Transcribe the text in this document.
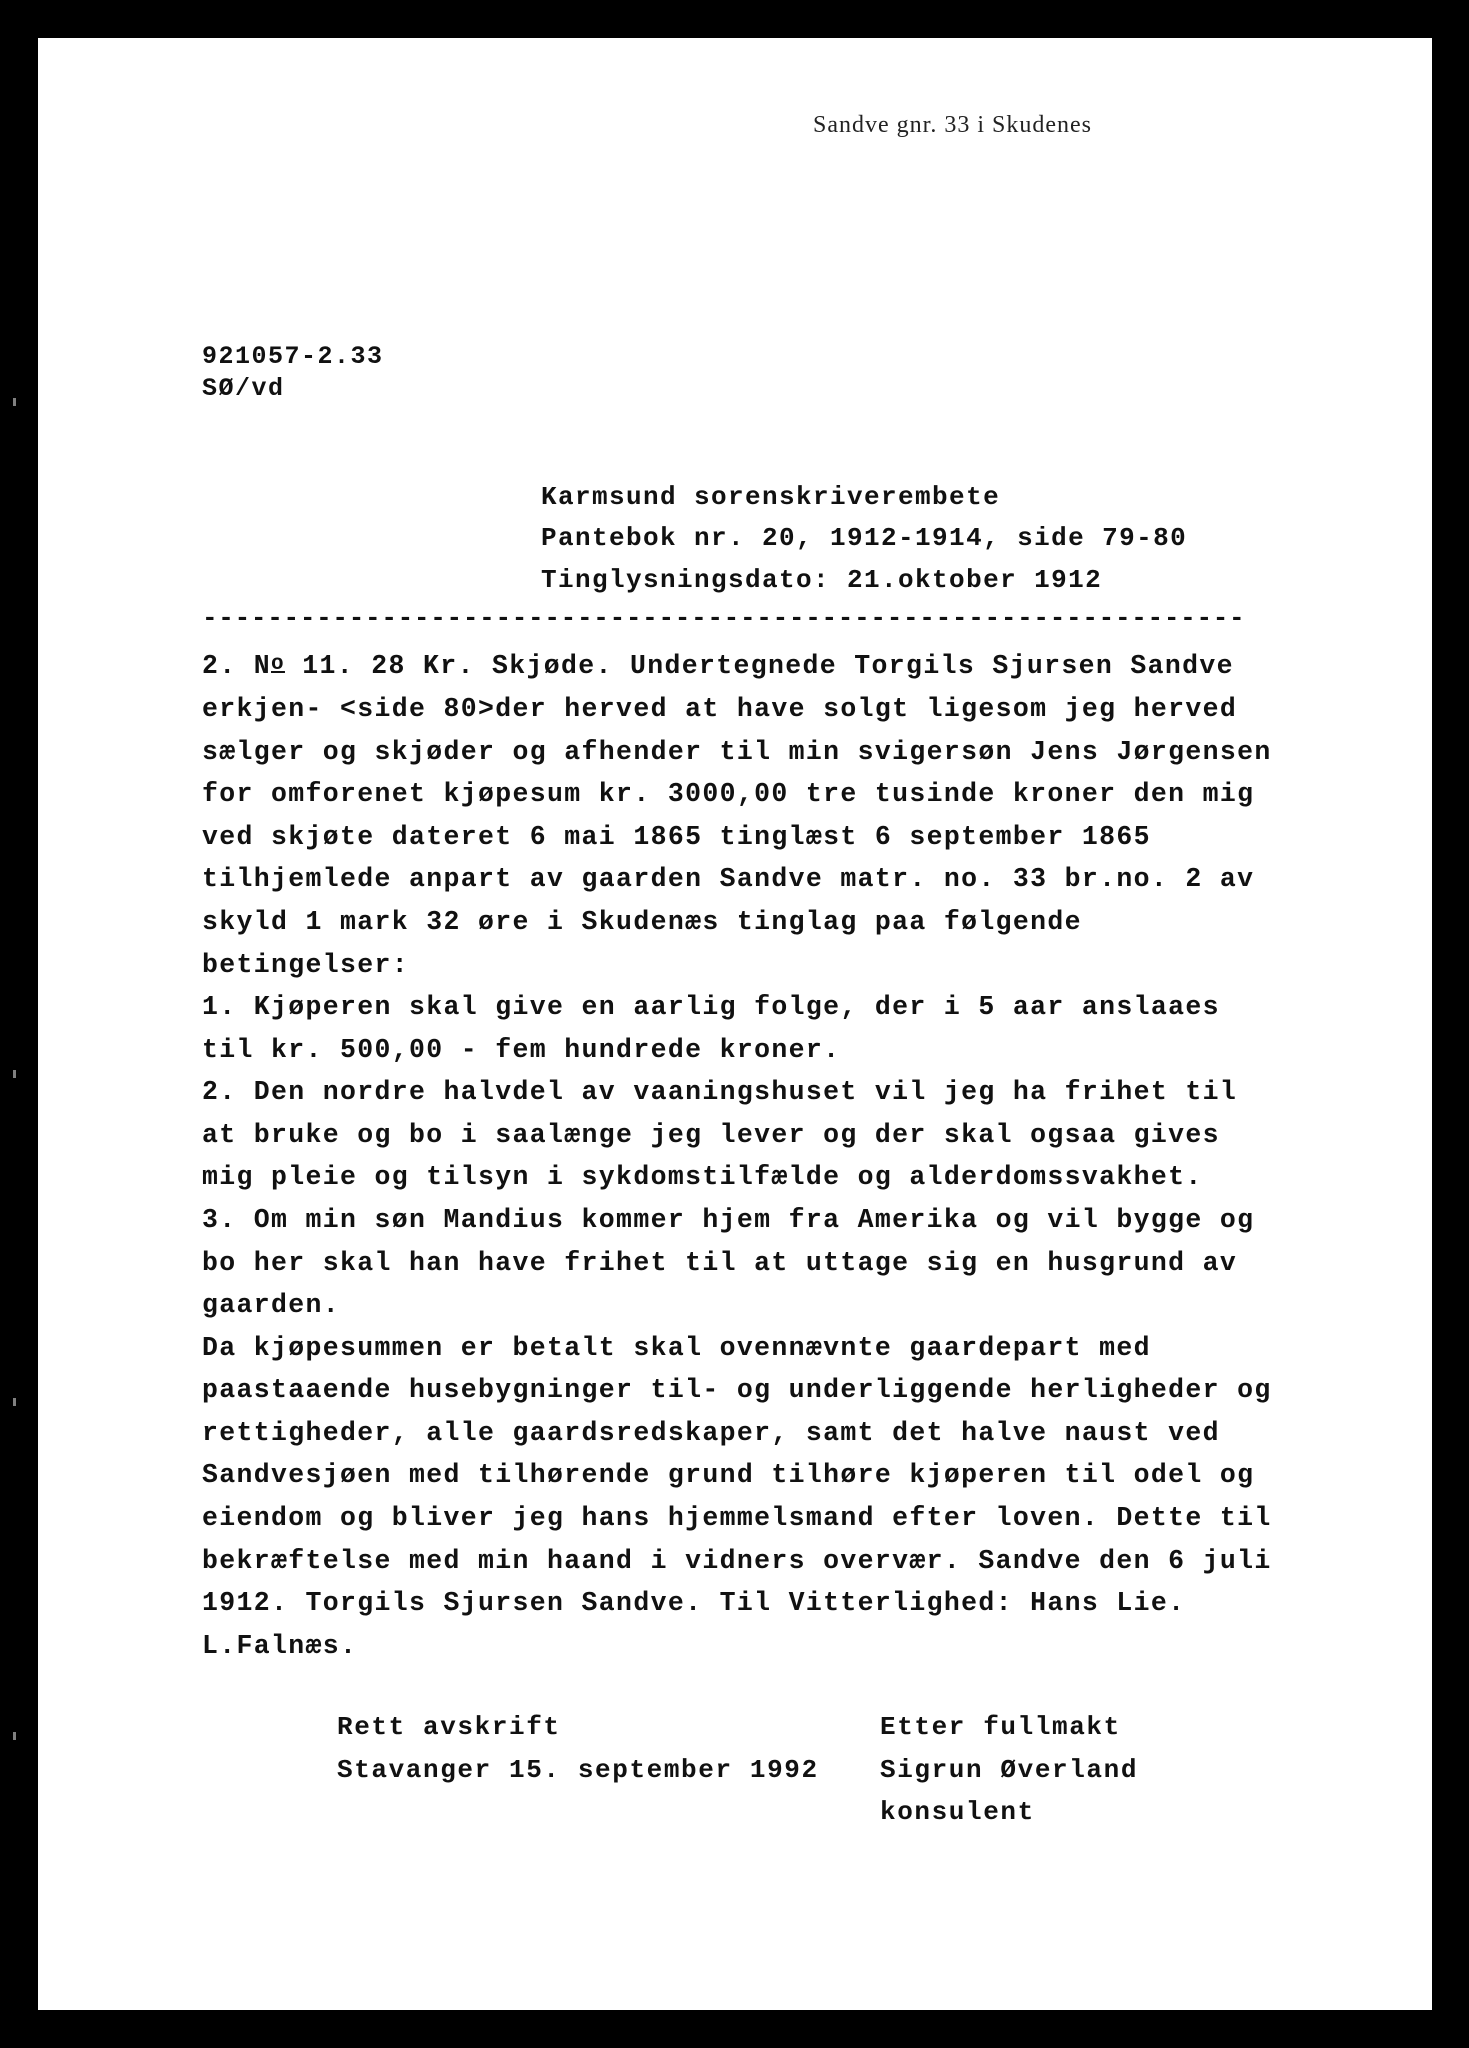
Sandve gnr. 33 i Skudenes
921057-2.33
SØ/vd
Karmsund sorenskriverembete
Pantebok nr. 20, 1912-1914, side 79-80
Tinglysningsdato: 21.oktober 1912
----------------------------------------------------------------
2. No 11. 28 Kr. Skjøde. Undertegnede Torgils Sjursen Sandve
erkjen- <side 80>der herved at have solgt ligesom jeg herved
sælger og skjøder og afhender til min svigersøn Jens Jørgensen
for omforenet kjøpesum kr. 3000,00 tre tusinde kroner den mig
ved skjøte dateret 6 mai 1865 tinglæst 6 september 1865
tilhjemlede anpart av gaarden Sandve matr. no. 33 br.no. 2 av
skyld 1 mark 32 øre i Skudenæs tinglag paa følgende
betingelser:
1. Kjøperen skal give en aarlig folge, der i 5 aar anslaaes
til kr. 500,00 - fem hundrede kroner.
2. Den nordre halvdel av vaaningshuset vil jeg ha frihet til
at bruke og bo i saalænge jeg lever og der skal ogsaa gives
mig pleie og tilsyn i sykdomstilfælde og alderdomssvakhet.
3. Om min søn Mandius kommer hjem fra Amerika og vil bygge og
bo her skal han have frihet til at uttage sig en husgrund av
gaarden.
Da kjøpesummen er betalt skal ovennævnte gaardepart med
paastaaende husebygninger til- og underliggende herligheder og
rettigheder, alle gaardsredskaper, samt det halve naust ved
Sandvesjøen med tilhørende grund tilhøre kjøperen til odel og
eiendom og bliver jeg hans hjemmelsmand efter loven. Dette til
bekræftelse med min haand i vidners overvær. Sandve den 6 juli
1912. Torgils Sjursen Sandve. Til Vitterlighed: Hans Lie.
L.Falnæs.
Rett avskrift
Stavanger 15. september 1992
Etter fullmakt
Sigrun Øverland
konsulent
